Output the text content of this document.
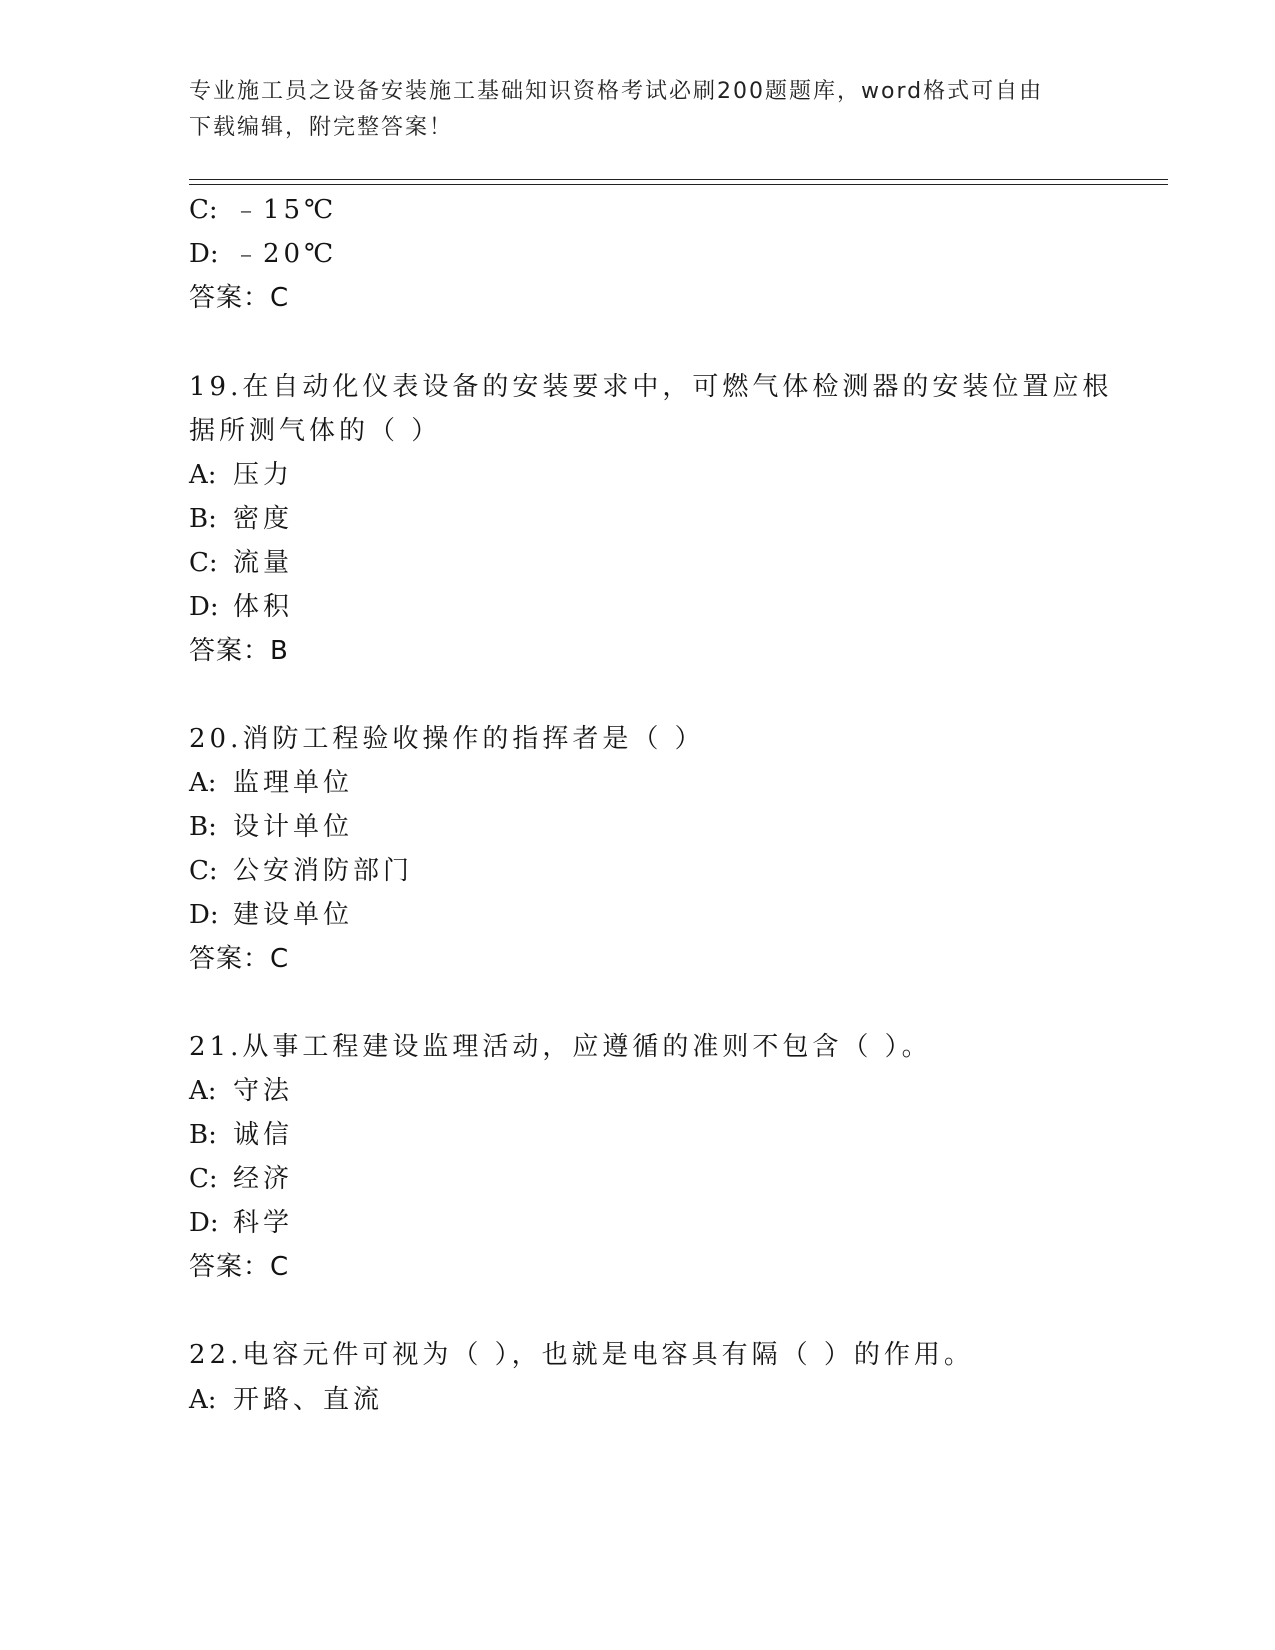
专业施工员之设备安装施工基础知识资格考试必刷200题题库，word格式可自由
下载编辑，附完整答案！
C: ﹣15℃
D: ﹣20℃
答案：C
19.在自动化仪表设备的安装要求中，可燃气体检测器的安装位置应根
据所测气体的（ ）
A: 压力
B: 密度
C: 流量
D: 体积
答案：B
20.消防工程验收操作的指挥者是（ ）
A: 监理单位
B: 设计单位
C: 公安消防部门
D: 建设单位
答案：C
21.从事工程建设监理活动，应遵循的准则不包含（ ）。
A: 守法
B: 诚信
C: 经济
D: 科学
答案：C
22.电容元件可视为（ ），也就是电容具有隔（ ）的作用。
A: 开路、直流
